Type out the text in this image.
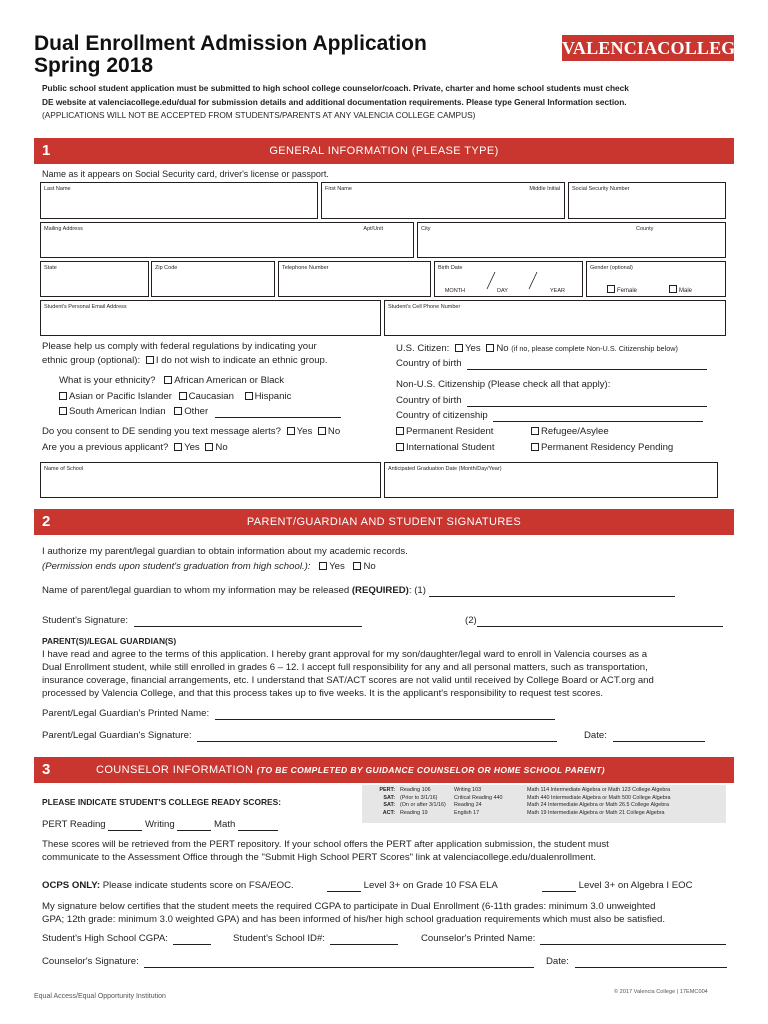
Dual Enrollment Admission Application
Spring 2018
VALENCIACOLLEGE
Public school student application must be submitted to high school college counselor/coach. Private, charter and home school students must check
DE website at valenciacollege.edu/dual for submission details and additional documentation requirements. Please type General Information section.
(APPLICATIONS WILL NOT BE ACCEPTED FROM STUDENTS/PARENTS AT ANY VALENCIA COLLEGE CAMPUS)
1	GENERAL INFORMATION (PLEASE TYPE)
Name as it appears on Social Security card, driver's license or passport.
Last Name	First Name	Middle Initial Social Security Number
Mailing Address	Apt/Unit	City	County
State	Zip Code	Telephone Number	Birth Date
MONTH	DAY	YEAR
Gender (optional)
Female	Male
Student's Personal Email Address	Student's Cell Phone Number
Please help us comply with federal regulations by indicating your
ethnic group (optional): I do not wish to indicate an ethnic group.
What is your ethnicity? African American or Black
Asian or Pacific Islander Caucasian Hispanic
South American Indian Other
Do you consent to DE sending you text message alerts? Yes No
Are you a previous applicant? Yes No
U.S. Citizen: Yes No (if no, please complete Non-U.S. Citizenship below)
Country of birth
Non-U.S. Citizenship (Please check all that apply):
Country of birth
Country of citizenship
Permanent Resident	Refugee/Asylee
International Student	Permanent Residency Pending
Name of School	Anticipated Graduation Date (Month/Day/Year)
2	PARENT/GUARDIAN AND STUDENT SIGNATURES
I authorize my parent/legal guardian to obtain information about my academic records.
(Permission ends upon student's graduation from high school.): Yes No
Name of parent/legal guardian to whom my information may be released (REQUIRED): (1)
Student's Signature:	(2)
PARENT(S)/LEGAL GUARDIAN(S)
I have read and agree to the terms of this application. I hereby grant approval for my son/daughter/legal ward to enroll in Valencia courses as a
Dual Enrollment student, while still enrolled in grades 6 – 12. I accept full responsibility for any and all personal matters, such as transportation,
insurance coverage, financial arrangements, etc. I understand that SAT/ACT scores are not valid until received by College Board or ACT.org and
processed by Valencia College, and that this process takes up to five weeks. It is the applicant's responsibility to request test scores.
Parent/Legal Guardian's Printed Name:
Parent/Legal Guardian's Signature:	Date:
3	COUNSELOR INFORMATION (TO BE COMPLETED BY GUIDANCE COUNSELOR OR HOME SCHOOL PARENT)
PLEASE INDICATE STUDENT'S COLLEGE READY SCORES:
PERT: Reading 106	Writing 103	Math 114 Intermediate Algebra or Math 123 College Algebra
SAT: (Prior to 3/1/16)	Critical Reading 440	Math 440 Intermediate Algebra or Math 500 College Algebra
SAT: (On or after 3/1/16)	Reading 24	Math 24 Intermediate Algebra or Math 26.5 College Algebra
ACT: Reading 19	English 17	Math 19 Intermediate Algebra or Math 21 College Algebra
PERT Reading	Writing	Math
These scores will be retrieved from the PERT repository. If your school offers the PERT after application submission, the student must
communicate to the Assessment Office through the "Submit High School PERT Scores" link at valenciacollege.edu/dualenrollment.
OCPS ONLY: Please indicate students score on FSA/EOC.	Level 3+ on Grade 10 FSA ELA	Level 3+ on Algebra I EOC
My signature below certifies that the student meets the required CGPA to participate in Dual Enrollment (6-11th grades: minimum 3.0 unweighted
GPA; 12th grade: minimum 3.0 weighted GPA) and has been informed of his/her high school graduation requirements which must also be satisfied.
Student's High School CGPA:	Student's School ID#:	Counselor's Printed Name:
Counselor's Signature:	Date:
Equal Access/Equal Opportunity Institution
© 2017 Valencia College | 17EMC004
